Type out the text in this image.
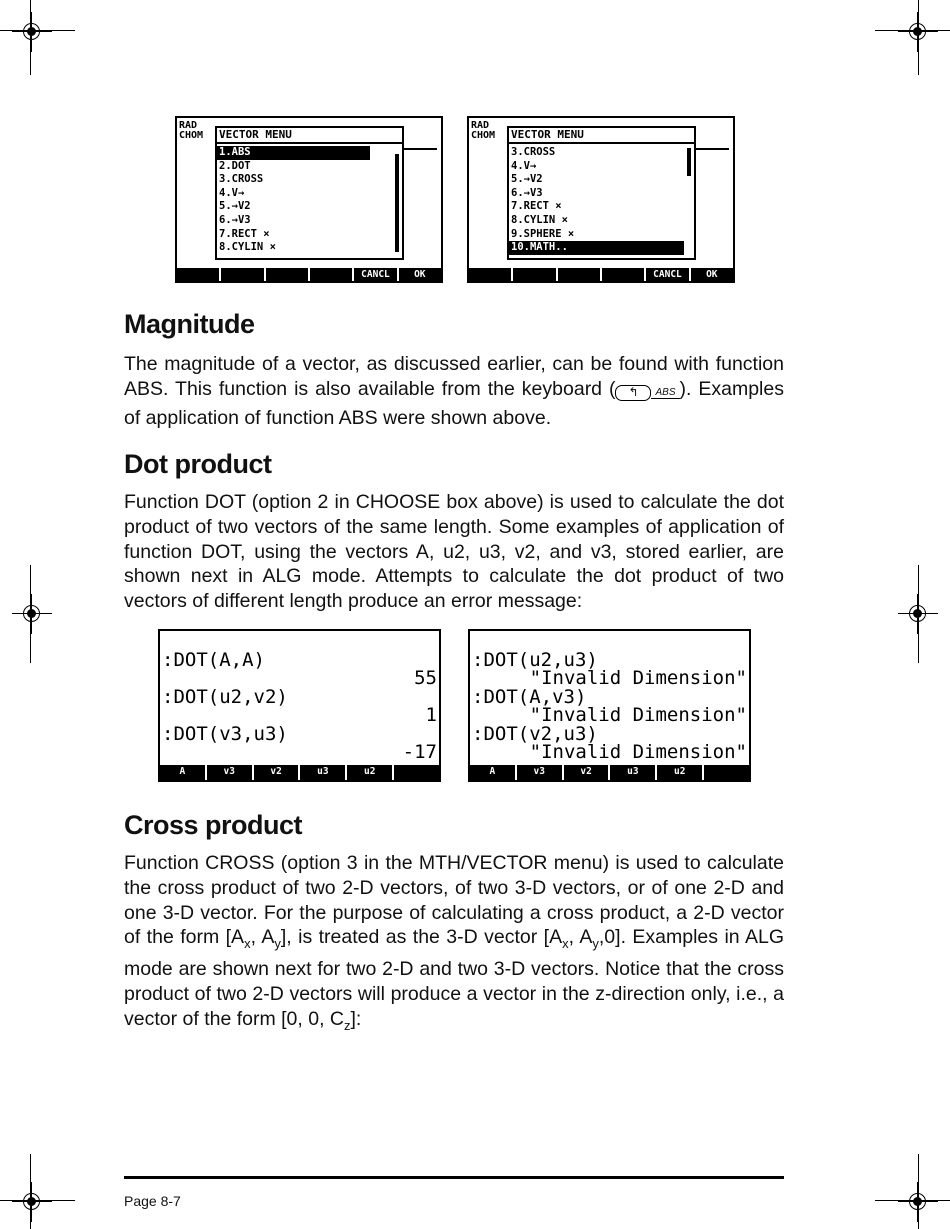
RAD
CHOM VECTOR MENU
1.ABS
2.DOT
3.CROSS
4.V→
5.→V2
6.→V3
7.RECT ×
8.CYLIN ×
CANCL	OK
RAD
CHOM VECTOR MENU
3.CROSS
4.V→
5.→V2
6.→V3
7.RECT ×
8.CYLIN ×
9.SPHERE ×
10.MATH..
CANCL	OK
Magnitude

The magnitude of a vector, as discussed earlier, can be found with function ABS. This function is also available from the keyboard ( ↰ ABS ). Examples of application of function ABS were shown above.

Dot product

Function DOT (option 2 in CHOOSE box above) is used to calculate the dot product of two vectors of the same length. Some examples of application of function DOT, using the vectors A, u2, u3, v2, and v3, stored earlier, are shown next in ALG mode. Attempts to calculate the dot product of two vectors of different length produce an error message:

:DOT(A,A)
55
:DOT(u2,v2)
1
:DOT(v3,u3)
-17
A	v3	v2	u3	u2
:DOT(u2,u3)
"Invalid Dimension"
:DOT(A,v3)
"Invalid Dimension"
:DOT(v2,u3)
"Invalid Dimension"
A	v3	v2	u3	u2
Cross product

Function CROSS (option 3 in the MTH/VECTOR menu) is used to calculate the cross product of two 2-D vectors, of two 3-D vectors, or of one 2-D and one 3-D vector. For the purpose of calculating a cross product, a 2-D vector of the form [$A_x$, $A_y$], is treated as the 3-D vector [$A_x$, $A_y,0$]. Examples in ALG mode are shown next for two 2-D and two 3-D vectors. Notice that the cross product of two 2-D vectors will produce a vector in the z-direction only, i.e., a vector of the form [0, 0, $C_z$]:

Page 8-7
